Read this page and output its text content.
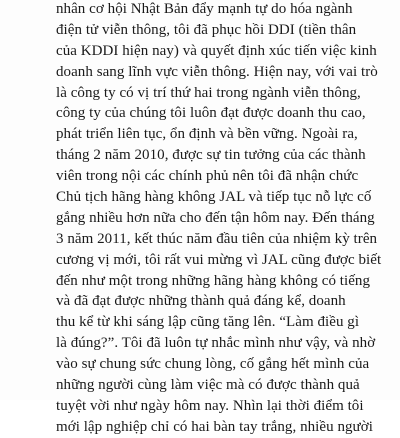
nhân cơ hội Nhật Bản đẩy mạnh tự do hóa ngành
điện tử viễn thông, tôi đã phục hồi DDI (tiền thân
của KDDI hiện nay) và quyết định xúc tiến việc kinh
doanh sang lĩnh vực viễn thông. Hiện nay, với vai trò
là công ty có vị trí thứ hai trong ngành viễn thông,
công ty của chúng tôi luôn đạt được doanh thu cao,
phát triển liên tục, ổn định và bền vững. Ngoài ra,
tháng 2 năm 2010, được sự tin tưởng của các thành
viên trong nội các chính phủ nên tôi đã nhận chức
Chủ tịch hãng hàng không JAL và tiếp tục nỗ lực cố
gắng nhiều hơn nữa cho đến tận hôm nay. Đến tháng
3 năm 2011, kết thúc năm đầu tiên của nhiệm kỳ trên
cương vị mới, tôi rất vui mừng vì JAL cũng được biết
đến như một trong những hãng hàng không có tiếng
và đã đạt được những thành quả đáng kể, doanh
thu kể từ khi sáng lập cũng tăng lên. “Làm điều gì
là đúng?”. Tôi đã luôn tự nhắc mình như vậy, và nhờ
vào sự chung sức chung lòng, cố gắng hết mình của
những người cùng làm việc mà có được thành quả
tuyệt vời như ngày hôm nay. Nhìn lại thời điểm tôi
mới lập nghiệp chỉ có hai bàn tay trắng, nhiều người
